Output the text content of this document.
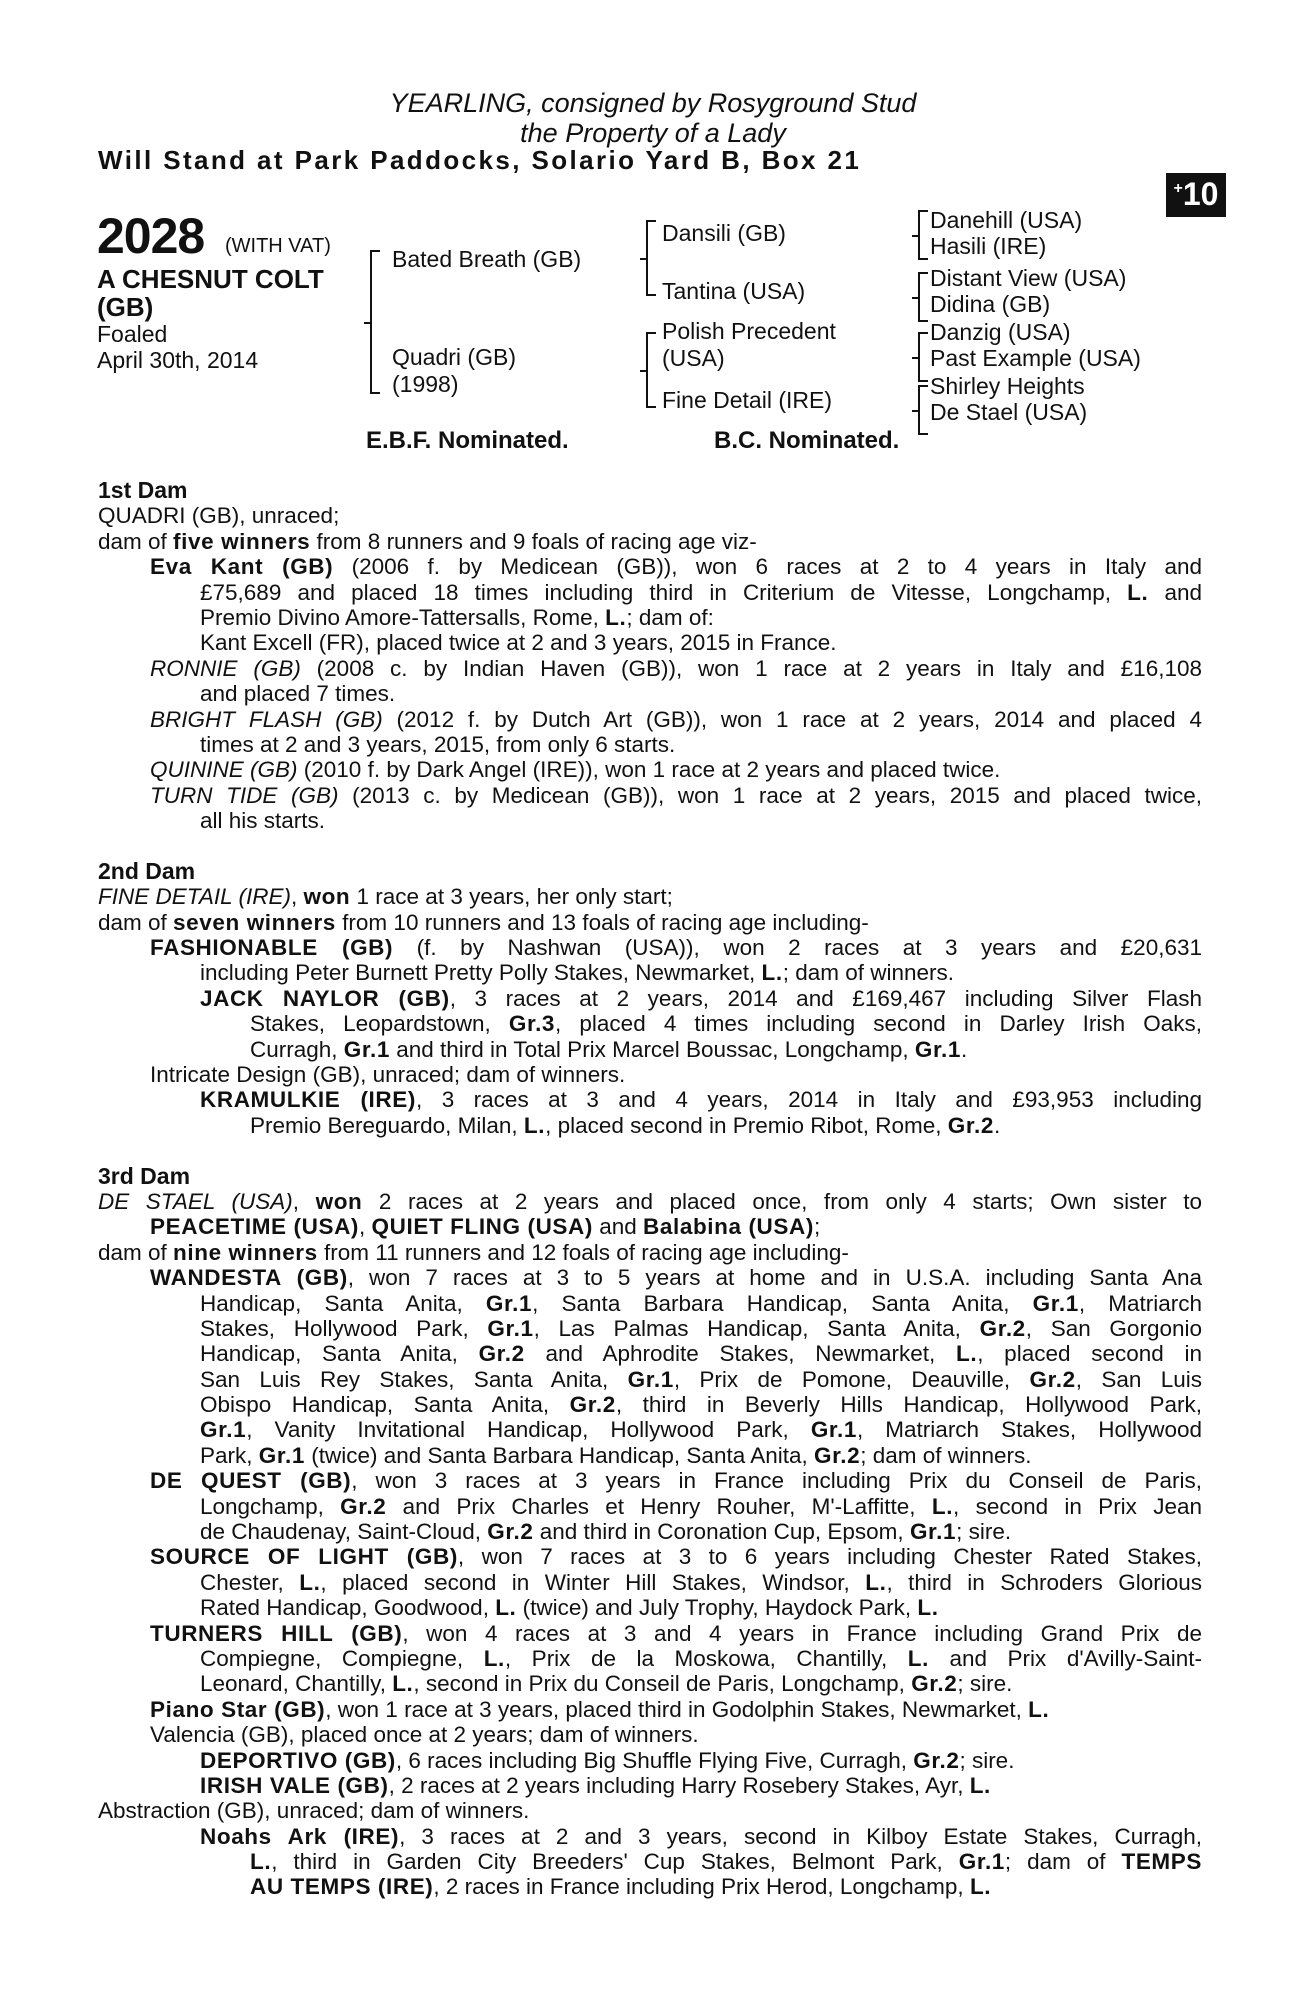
YEARLING, consigned by Rosyground Stud
the Property of a Lady
Will Stand at Park Paddocks, Solario Yard B, Box 21
+10
2028 (WITH VAT)
A CHESNUT COLT
(GB)
Foaled
April 30th, 2014
Bated Breath (GB)
Quadri (GB)
(1998)
Dansili (GB)
Tantina (USA)
Polish Precedent
(USA)
Fine Detail (IRE)
Danehill (USA)
Hasili (IRE)
Distant View (USA)
Didina (GB)
Danzig (USA)
Past Example (USA)
Shirley Heights
De Stael (USA)
E.B.F. Nominated.	B.C. Nominated.
1st Dam
QUADRI (GB), unraced;
dam of five winners from 8 runners and 9 foals of racing age viz-
Eva Kant (GB) (2006 f. by Medicean (GB)), won 6 races at 2 to 4 years in Italy and
£75,689 and placed 18 times including third in Criterium de Vitesse, Longchamp, L. and
Premio Divino Amore-Tattersalls, Rome, L.; dam of:
Kant Excell (FR), placed twice at 2 and 3 years, 2015 in France.
RONNIE (GB) (2008 c. by Indian Haven (GB)), won 1 race at 2 years in Italy and £16,108
and placed 7 times.
BRIGHT FLASH (GB) (2012 f. by Dutch Art (GB)), won 1 race at 2 years, 2014 and placed 4
times at 2 and 3 years, 2015, from only 6 starts.
QUININE (GB) (2010 f. by Dark Angel (IRE)), won 1 race at 2 years and placed twice.
TURN TIDE (GB) (2013 c. by Medicean (GB)), won 1 race at 2 years, 2015 and placed twice,
all his starts.
2nd Dam
FINE DETAIL (IRE), won 1 race at 3 years, her only start;
dam of seven winners from 10 runners and 13 foals of racing age including-
FASHIONABLE (GB) (f. by Nashwan (USA)), won 2 races at 3 years and £20,631
including Peter Burnett Pretty Polly Stakes, Newmarket, L.; dam of winners.
JACK NAYLOR (GB), 3 races at 2 years, 2014 and £169,467 including Silver Flash
Stakes, Leopardstown, Gr.3, placed 4 times including second in Darley Irish Oaks,
Curragh, Gr.1 and third in Total Prix Marcel Boussac, Longchamp, Gr.1.
Intricate Design (GB), unraced; dam of winners.
KRAMULKIE (IRE), 3 races at 3 and 4 years, 2014 in Italy and £93,953 including
Premio Bereguardo, Milan, L., placed second in Premio Ribot, Rome, Gr.2.
3rd Dam
DE STAEL (USA), won 2 races at 2 years and placed once, from only 4 starts; Own sister to
PEACETIME (USA), QUIET FLING (USA) and Balabina (USA);
dam of nine winners from 11 runners and 12 foals of racing age including-
WANDESTA (GB), won 7 races at 3 to 5 years at home and in U.S.A. including Santa Ana
Handicap, Santa Anita, Gr.1, Santa Barbara Handicap, Santa Anita, Gr.1, Matriarch
Stakes, Hollywood Park, Gr.1, Las Palmas Handicap, Santa Anita, Gr.2, San Gorgonio
Handicap, Santa Anita, Gr.2 and Aphrodite Stakes, Newmarket, L., placed second in
San Luis Rey Stakes, Santa Anita, Gr.1, Prix de Pomone, Deauville, Gr.2, San Luis
Obispo Handicap, Santa Anita, Gr.2, third in Beverly Hills Handicap, Hollywood Park,
Gr.1, Vanity Invitational Handicap, Hollywood Park, Gr.1, Matriarch Stakes, Hollywood
Park, Gr.1 (twice) and Santa Barbara Handicap, Santa Anita, Gr.2; dam of winners.
DE QUEST (GB), won 3 races at 3 years in France including Prix du Conseil de Paris,
Longchamp, Gr.2 and Prix Charles et Henry Rouher, M'-Laffitte, L., second in Prix Jean
de Chaudenay, Saint-Cloud, Gr.2 and third in Coronation Cup, Epsom, Gr.1; sire.
SOURCE OF LIGHT (GB), won 7 races at 3 to 6 years including Chester Rated Stakes,
Chester, L., placed second in Winter Hill Stakes, Windsor, L., third in Schroders Glorious
Rated Handicap, Goodwood, L. (twice) and July Trophy, Haydock Park, L.
TURNERS HILL (GB), won 4 races at 3 and 4 years in France including Grand Prix de
Compiegne, Compiegne, L., Prix de la Moskowa, Chantilly, L. and Prix d'Avilly-Saint-
Leonard, Chantilly, L., second in Prix du Conseil de Paris, Longchamp, Gr.2; sire.
Piano Star (GB), won 1 race at 3 years, placed third in Godolphin Stakes, Newmarket, L.
Valencia (GB), placed once at 2 years; dam of winners.
DEPORTIVO (GB), 6 races including Big Shuffle Flying Five, Curragh, Gr.2; sire.
IRISH VALE (GB), 2 races at 2 years including Harry Rosebery Stakes, Ayr, L.
Abstraction (GB), unraced; dam of winners.
Noahs Ark (IRE), 3 races at 2 and 3 years, second in Kilboy Estate Stakes, Curragh,
L., third in Garden City Breeders' Cup Stakes, Belmont Park, Gr.1; dam of TEMPS
AU TEMPS (IRE), 2 races in France including Prix Herod, Longchamp, L.
